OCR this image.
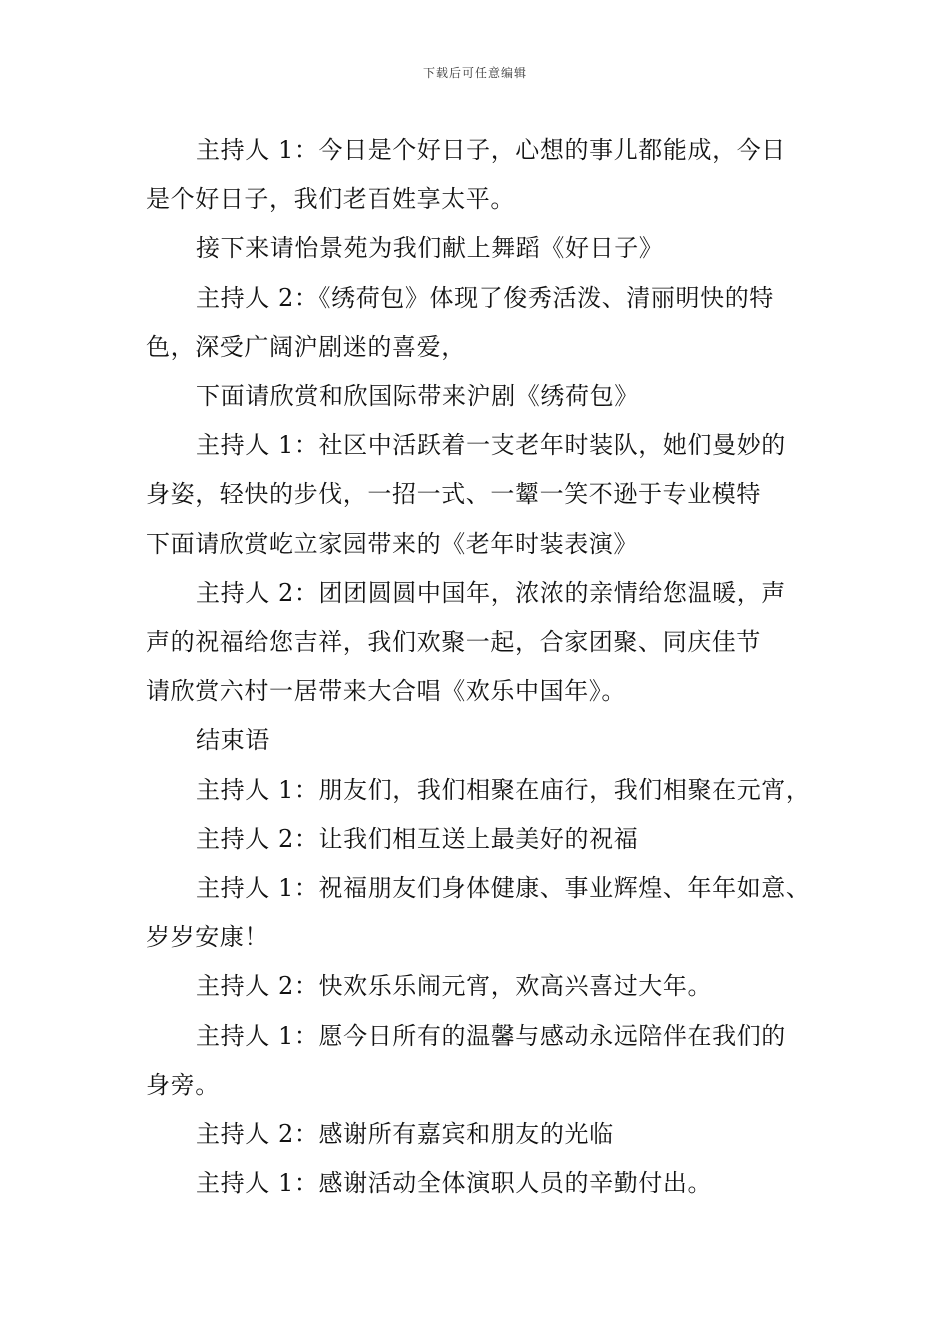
下载后可任意编辑
主持人 1：今日是个好日子，心想的事儿都能成，今日
是个好日子，我们老百姓享太平。
接下来请怡景苑为我们献上舞蹈《好日子》
主持人 2：《绣荷包》体现了俊秀活泼、清丽明快的特
色，深受广阔沪剧迷的喜爱，
下面请欣赏和欣国际带来沪剧《绣荷包》
主持人 1：社区中活跃着一支老年时装队，她们曼妙的
身姿，轻快的步伐，一招一式、一颦一笑不逊于专业模特
下面请欣赏屹立家园带来的《老年时装表演》
主持人 2：团团圆圆中国年，浓浓的亲情给您温暖，声
声的祝福给您吉祥，我们欢聚一起，合家团聚、同庆佳节
请欣赏六村一居带来大合唱《欢乐中国年》。
结束语
主持人 1：朋友们，我们相聚在庙行，我们相聚在元宵，
主持人 2：让我们相互送上最美好的祝福
主持人 1：祝福朋友们身体健康、事业辉煌、年年如意、
岁岁安康！
主持人 2：快欢乐乐闹元宵，欢高兴喜过大年。
主持人 1：愿今日所有的温馨与感动永远陪伴在我们的
身旁。
主持人 2：感谢所有嘉宾和朋友的光临
主持人 1：感谢活动全体演职人员的辛勤付出。
